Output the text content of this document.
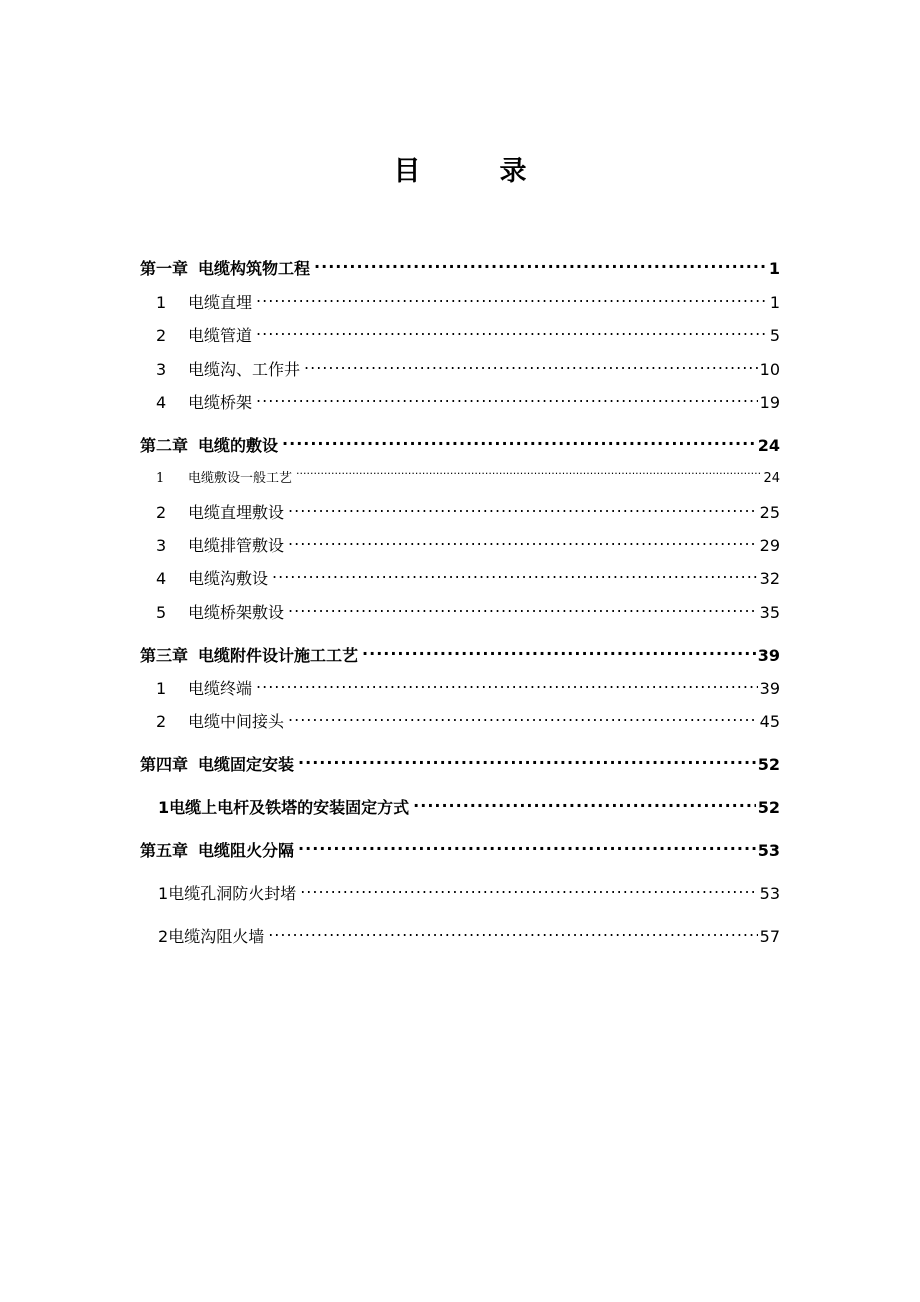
目　录
第一章 电缆构筑物工程 .....	1
1	电缆直埋 .....	1
2	电缆管道 .....	5
3	电缆沟、工作井 .....	10
4	电缆桥架 .....	19
第二章 电缆的敷设 .....	24
1	电缆敷设一般工艺 .....	24
2	电缆直埋敷设 .....	25
3	电缆排管敷设 .....	29
4	电缆沟敷设 .....	32
5	电缆桥架敷设 .....	35
第三章 电缆附件设计施工工艺 .....	39
1	电缆终端 .....	39
2	电缆中间接头 .....	45
第四章 电缆固定安装 .....	52
1 电缆上电杆及铁塔的安装固定方式 .....	52
第五章 电缆阻火分隔 .....	53
1 电缆孔洞防火封堵 .....	53
2 电缆沟阻火墙 .....	57
